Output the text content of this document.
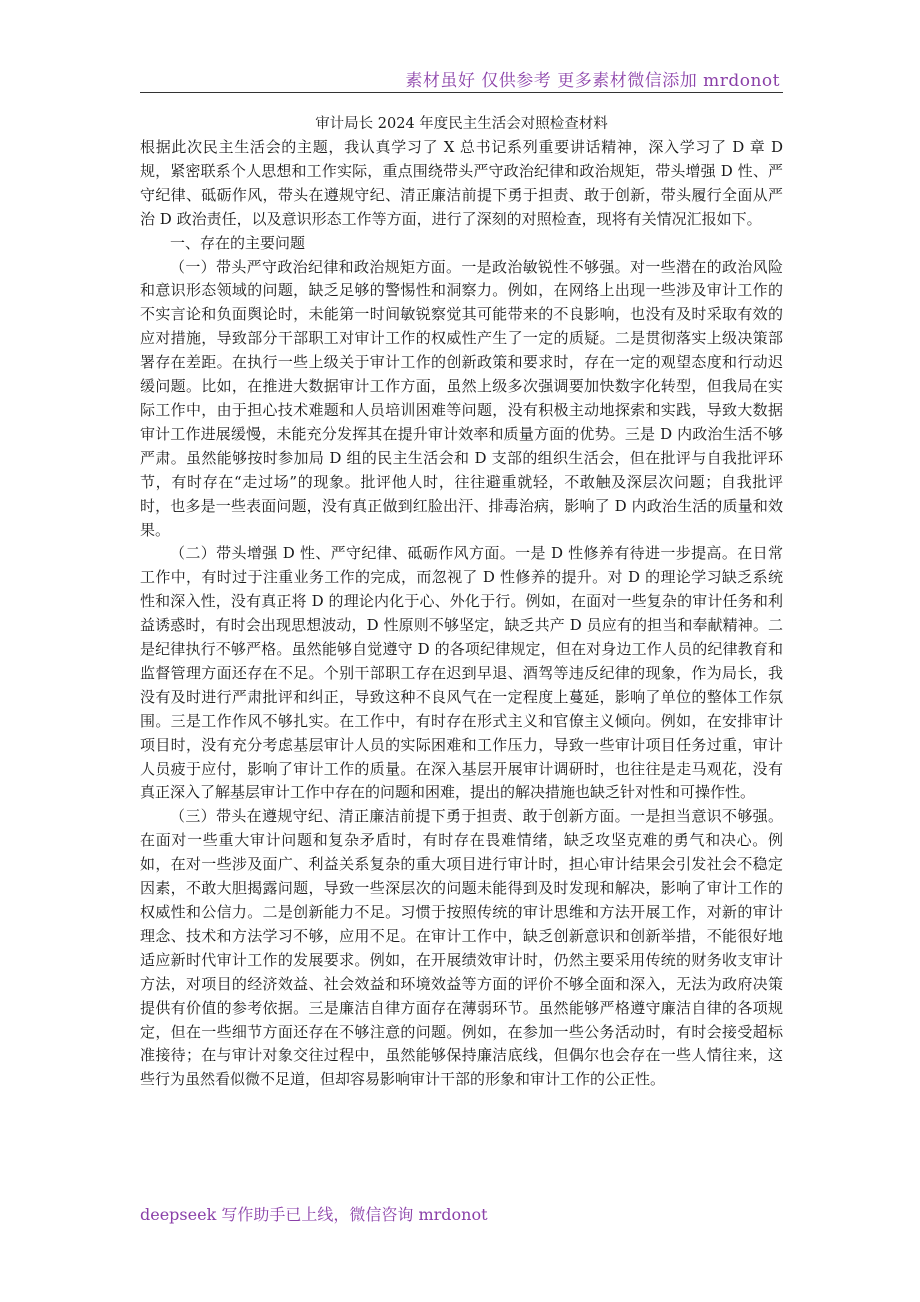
素材虽好 仅供参考 更多素材微信添加 mrdonot

审计局长 2024 年度民主生活会对照检查材料

根据此次民主生活会的主题，我认真学习了 X 总书记系列重要讲话精神，深入学习了 D 章 D 规，紧密联系个人思想和工作实际，重点围绕带头严守政治纪律和政治规矩，带头增强 D 性、严守纪律、砥砺作风，带头在遵规守纪、清正廉洁前提下勇于担责、敢于创新，带头履行全面从严治 D 政治责任，以及意识形态工作等方面，进行了深刻的对照检查，现将有关情况汇报如下。

一、存在的主要问题

（一）带头严守政治纪律和政治规矩方面。一是政治敏锐性不够强。对一些潜在的政治风险和意识形态领域的问题，缺乏足够的警惕性和洞察力。例如，在网络上出现一些涉及审计工作的不实言论和负面舆论时，未能第一时间敏锐察觉其可能带来的不良影响，也没有及时采取有效的应对措施，导致部分干部职工对审计工作的权威性产生了一定的质疑。二是贯彻落实上级决策部署存在差距。在执行一些上级关于审计工作的创新政策和要求时，存在一定的观望态度和行动迟缓问题。比如，在推进大数据审计工作方面，虽然上级多次强调要加快数字化转型，但我局在实际工作中，由于担心技术难题和人员培训困难等问题，没有积极主动地探索和实践，导致大数据审计工作进展缓慢，未能充分发挥其在提升审计效率和质量方面的优势。三是 D 内政治生活不够严肃。虽然能够按时参加局 D 组的民主生活会和 D 支部的组织生活会，但在批评与自我批评环节，有时存在“走过场”的现象。批评他人时，往往避重就轻，不敢触及深层次问题；自我批评时，也多是一些表面问题，没有真正做到红脸出汗、排毒治病，影响了 D 内政治生活的质量和效果。

（二）带头增强 D 性、严守纪律、砥砺作风方面。一是 D 性修养有待进一步提高。在日常工作中，有时过于注重业务工作的完成，而忽视了 D 性修养的提升。对 D 的理论学习缺乏系统性和深入性，没有真正将 D 的理论内化于心、外化于行。例如，在面对一些复杂的审计任务和利益诱惑时，有时会出现思想波动，D 性原则不够坚定，缺乏共产 D 员应有的担当和奉献精神。二是纪律执行不够严格。虽然能够自觉遵守 D 的各项纪律规定，但在对身边工作人员的纪律教育和监督管理方面还存在不足。个别干部职工存在迟到早退、酒驾等违反纪律的现象，作为局长，我没有及时进行严肃批评和纠正，导致这种不良风气在一定程度上蔓延，影响了单位的整体工作氛围。三是工作作风不够扎实。在工作中，有时存在形式主义和官僚主义倾向。例如，在安排审计项目时，没有充分考虑基层审计人员的实际困难和工作压力，导致一些审计项目任务过重，审计人员疲于应付，影响了审计工作的质量。在深入基层开展审计调研时，也往往是走马观花，没有真正深入了解基层审计工作中存在的问题和困难，提出的解决措施也缺乏针对性和可操作性。

（三）带头在遵规守纪、清正廉洁前提下勇于担责、敢于创新方面。一是担当意识不够强。在面对一些重大审计问题和复杂矛盾时，有时存在畏难情绪，缺乏攻坚克难的勇气和决心。例如，在对一些涉及面广、利益关系复杂的重大项目进行审计时，担心审计结果会引发社会不稳定因素，不敢大胆揭露问题，导致一些深层次的问题未能得到及时发现和解决，影响了审计工作的权威性和公信力。二是创新能力不足。习惯于按照传统的审计思维和方法开展工作，对新的审计理念、技术和方法学习不够，应用不足。在审计工作中，缺乏创新意识和创新举措，不能很好地适应新时代审计工作的发展要求。例如，在开展绩效审计时，仍然主要采用传统的财务收支审计方法，对项目的经济效益、社会效益和环境效益等方面的评价不够全面和深入，无法为政府决策提供有价值的参考依据。三是廉洁自律方面存在薄弱环节。虽然能够严格遵守廉洁自律的各项规定，但在一些细节方面还存在不够注意的问题。例如，在参加一些公务活动时，有时会接受超标准接待；在与审计对象交往过程中，虽然能够保持廉洁底线，但偶尔也会存在一些人情往来，这些行为虽然看似微不足道，但却容易影响审计干部的形象和审计工作的公正性。

deepseek 写作助手已上线，微信咨询 mrdonot
